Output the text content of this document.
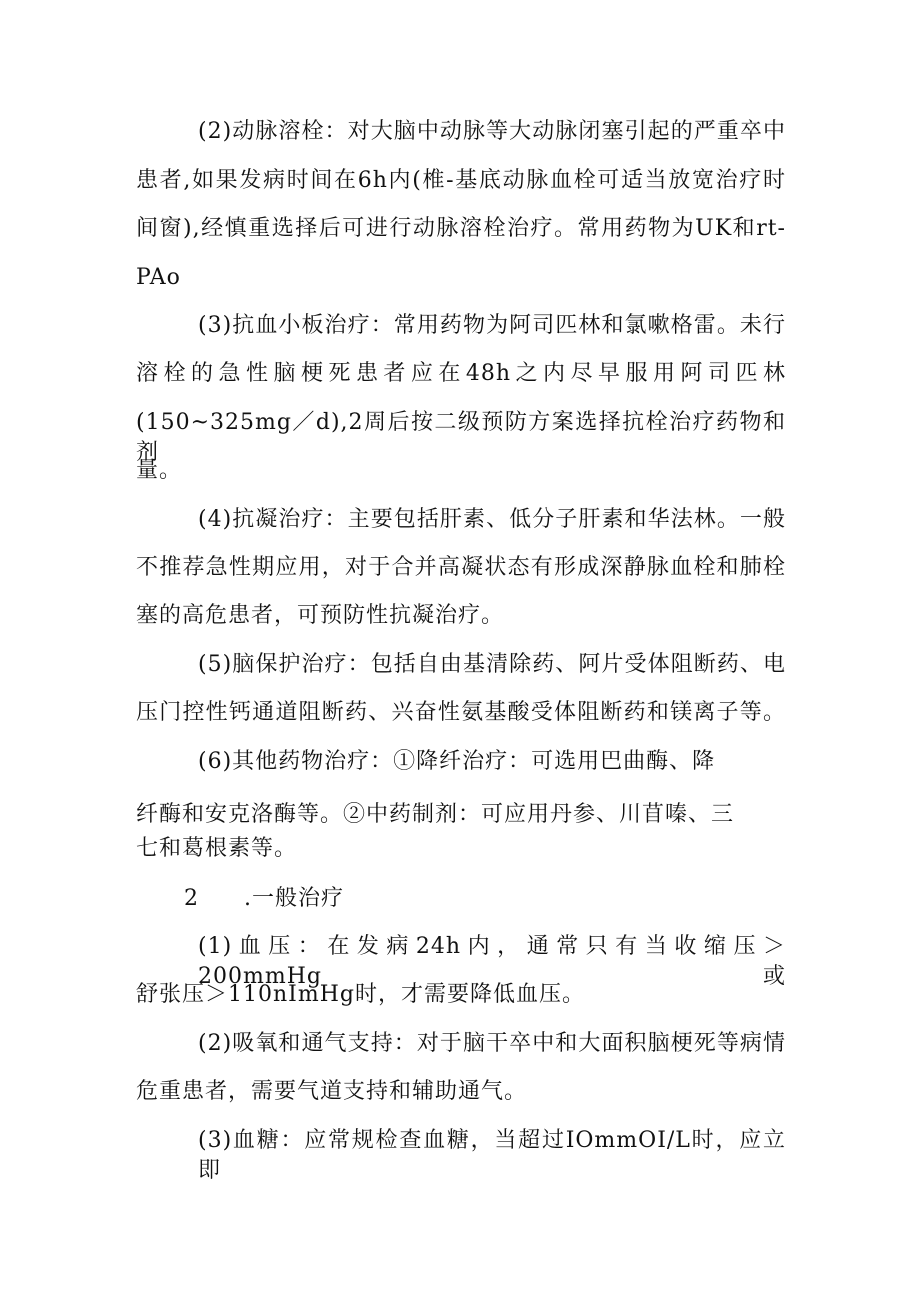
(2)动脉溶栓：对大脑中动脉等大动脉闭塞引起的严重卒中
患者,如果发病时间在6h内(椎-基底动脉血栓可适当放宽治疗时
间窗),经慎重选择后可进行动脉溶栓治疗。常用药物为UK和rt-
PAo
(3)抗血小板治疗：常用药物为阿司匹林和氯嗽格雷。未行
溶栓的急性脑梗死患者应在48h之内尽早服用阿司匹林
(150~325mg／d),2周后按二级预防方案选择抗栓治疗药物和剂
量。
(4)抗凝治疗：主要包括肝素、低分子肝素和华法林。一般
不推荐急性期应用，对于合并高凝状态有形成深静脉血栓和肺栓
塞的高危患者，可预防性抗凝治疗。
(5)脑保护治疗：包括自由基清除药、阿片受体阻断药、电
压门控性钙通道阻断药、兴奋性氨基酸受体阻断药和镁离子等。
(6)其他药物治疗：①降纤治疗：可选用巴曲酶、降
纤酶和安克洛酶等。②中药制剂：可应用丹参、川苜嗪、三
七和葛根素等。
2 .一般治疗
(1)血压：在发病24h内，通常只有当收缩压＞200mmHg或
舒张压＞110nImHg时，才需要降低血压。
(2)吸氧和通气支持：对于脑干卒中和大面积脑梗死等病情
危重患者，需要气道支持和辅助通气。
(3)血糖：应常规检查血糖，当超过IOmmOI/L时，应立即
